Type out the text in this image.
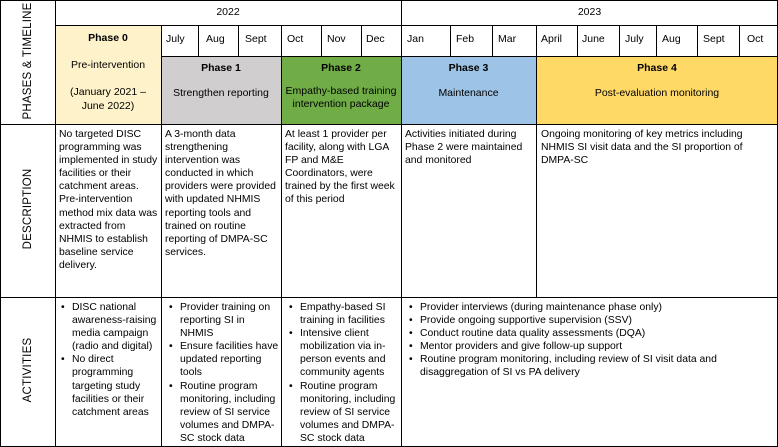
PHASES & TIMELINE
DESCRIPTION
ACTIVITIES
2022	2023
July Aug Sept Oct Nov Dec Jan	Feb Mar April June July Aug Sept Oct
Phase 0
Pre-intervention
(January 2021 – June 2022)
Phase 1
Strengthen reporting
Phase 2
Empathy-based training intervention package
Phase 3
Maintenance
Phase 4
Post-evaluation monitoring
No targeted DISC programming was implemented in study facilities or their catchment areas. Pre-intervention method mix data was extracted from NHMIS to establish baseline service delivery.
A 3-month data strengthening intervention was conducted in which providers were provided with updated NHMIS reporting tools and trained on routine reporting of DMPA-SC services.
At least 1 provider per facility, along with LGA FP and M&E Coordinators, were trained by the first week of this period
Activities initiated during Phase 2 were maintained and monitored
Ongoing monitoring of key metrics including NHMIS SI visit data and the SI proportion of DMPA-SC
• DISC national awareness-raising media campaign (radio and digital)
• No direct programming targeting study facilities or their catchment areas
• Provider training on reporting SI in NHMIS
• Ensure facilities have updated reporting tools
• Routine program monitoring, including review of SI service volumes and DMPA-SC stock data
• Empathy-based SI training in facilities
• Intensive client mobilization via in-person events and community agents
• Routine program monitoring, including review of SI service volumes and DMPA-SC stock data
• Provider interviews (during maintenance phase only)
• Provide ongoing supportive supervision (SSV)
• Conduct routine data quality assessments (DQA)
• Mentor providers and give follow-up support
• Routine program monitoring, including review of SI visit data and disaggregation of SI vs PA delivery
